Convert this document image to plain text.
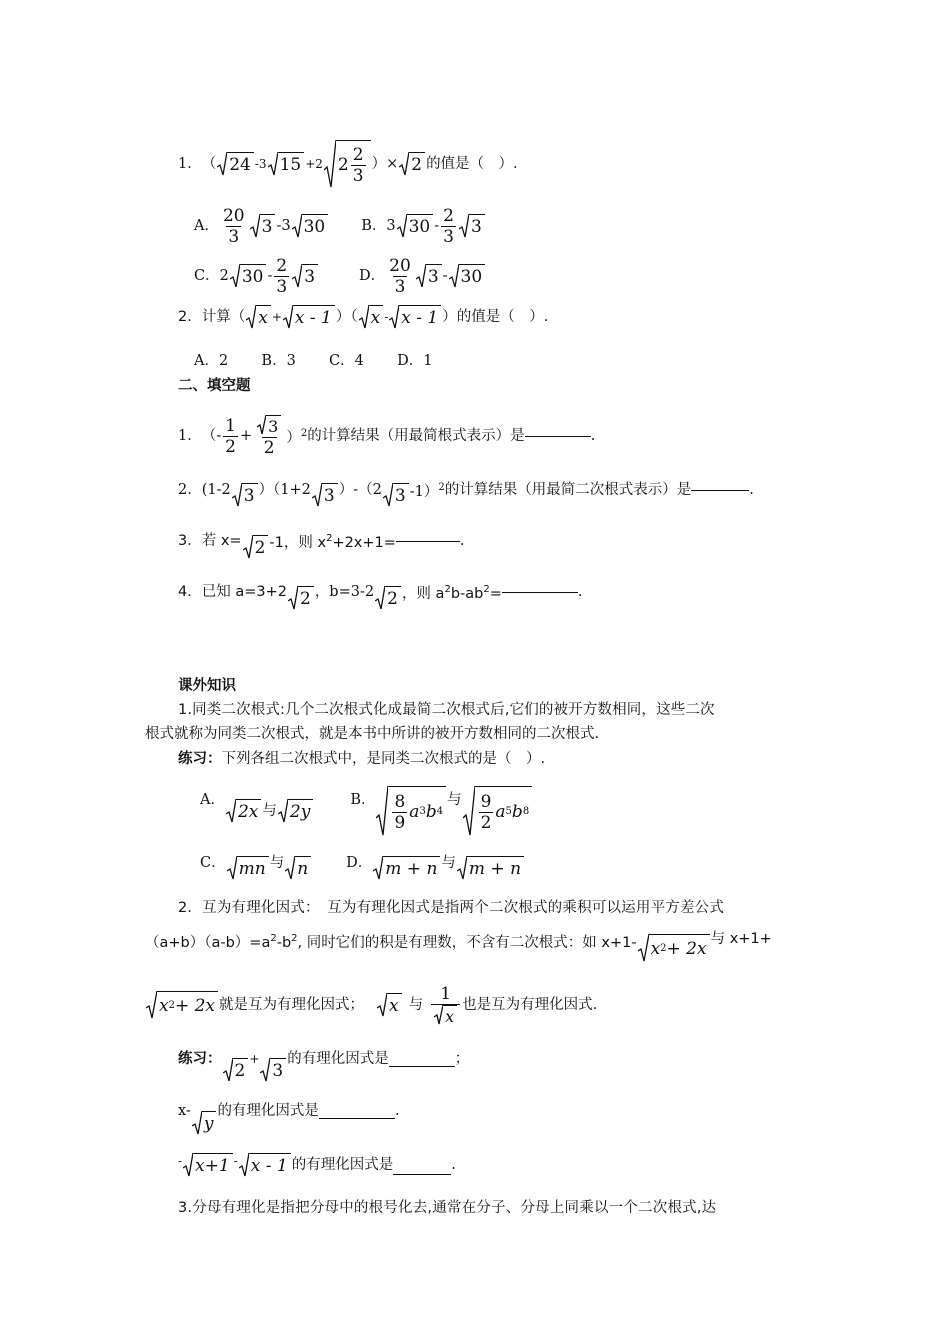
1． （ 24 -3 15 +2 $2 \frac{2}{3}$ ）× 2 的值是（　）.
A． $\frac{20}{3} 3$ -3 30 B．3 $30 - \frac{2}{3} 3$
C．2 $30 - \frac{2}{3} 3$	D． $\frac{20}{3} 3 - 30$
2．计算（ x + x - 1 ）（ x - x - 1 ）的值是（　）.
A．2 B．3 C．4 D．1
二、填空题
1． （- $\frac{1}{2} + \frac{3}{2} )^2$ 的计算结果（用最简根式表示）是	.
2．(1-2 3 ）（1+2 3 ）-（2 3 -1）$^2$ 的计算结果（用最简二次根式表示）是	.
3．若 x= 2 -1，则 $x^2+2x+1=$	.
4．已知 a=3+2 2 ，b=3-2 2 ，则 $a^2b-ab^2=$	.
课外知识
1.同类二次根式:几个二次根式化成最简二次根式后,它们的被开方数相同，这些二次
根式就称为同类二次根式，就是本书中所讲的被开方数相同的二次根式.
练习：下列各组二次根式中，是同类二次根式的是（　）.
A．
2x 与 2y
B． $\frac{8}{9}$ a 3 b 4
与 $\frac{9}{2}$ a 5 b 8
C． mn 与 n	D． m + n 与 m + n
2．互为有理化因式：　互为有理化因式是指两个二次根式的乘积可以运用平方差公式
$(a+b)(a-b)=a^2-b^2$, 同时它们的积是有理数，不含有二次根式：如 x+1- x 2 + 2x 与 x+1+
x 2 + 2x 就是互为有理化因式； x 与 $\frac{1}{x}$ 也是互为有理化因式.
练习：
2
+
3
的有理化因式是	；
x-
y
的有理化因式是	.
- x+1 - x - 1 的有理化因式是	.
3.分母有理化是指把分母中的根号化去,通常在分子、分母上同乘以一个二次根式,达
